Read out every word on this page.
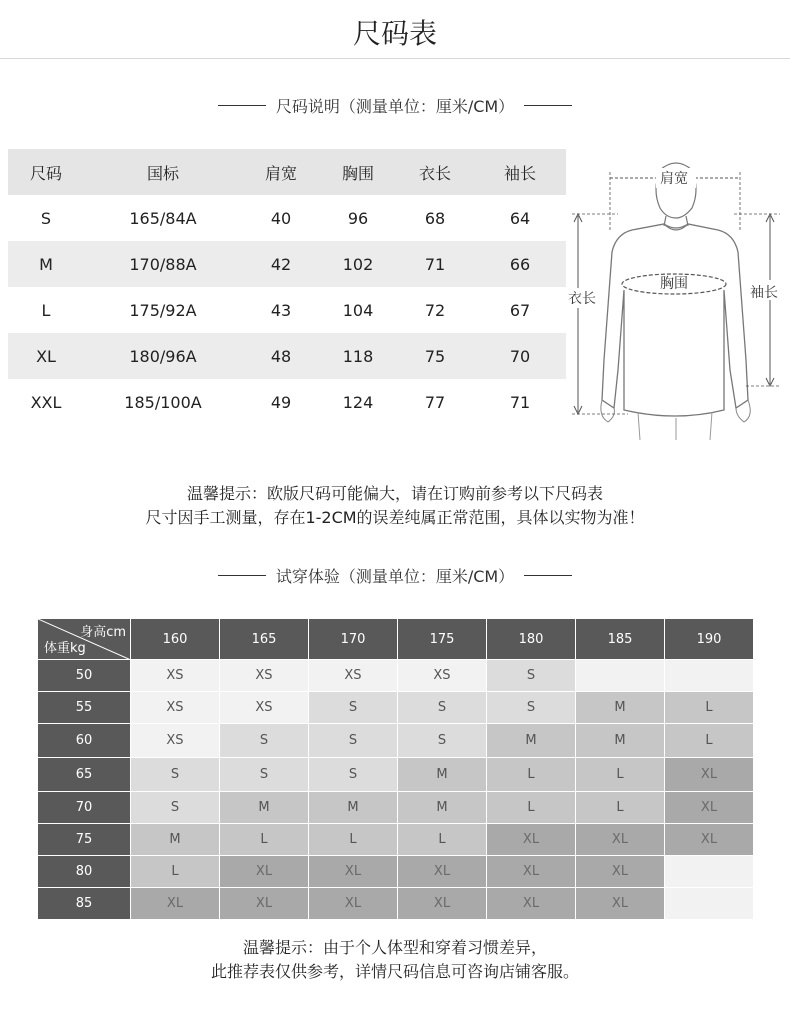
尺码表
尺码说明（测量单位：厘米/CM）
尺码	国标	肩宽	胸围	衣长	袖长
S	165/84A	40	96	68	64
M	170/88A	42	102	71	66
L	175/92A	43	104	72	67
XL	180/96A	48	118	75	70
XXL	185/100A	49	124	77	71
肩宽
胸围
衣长	袖长
温馨提示：欧版尺码可能偏大，请在订购前参考以下尺码表
尺寸因手工测量，存在1-2CM的误差纯属正常范围，具体以实物为准！
试穿体验（测量单位：厘米/CM）
身高cm
体重kg	160	165	170	175	180	185	190
50	XS	XS	XS	XS	S		
55	XS	XS	S	S	S	M	L
60	XS	S	S	S	M	M	L
65	S	S	S	M	L	L	XL
70	S	M	M	M	L	L	XL
75	M	L	L	L	XL	XL	XL
80	L	XL	XL	XL	XL	XL	
85	XL	XL	XL	XL	XL	XL	
温馨提示：由于个人体型和穿着习惯差异，
此推荐表仅供参考，详情尺码信息可咨询店铺客服。
